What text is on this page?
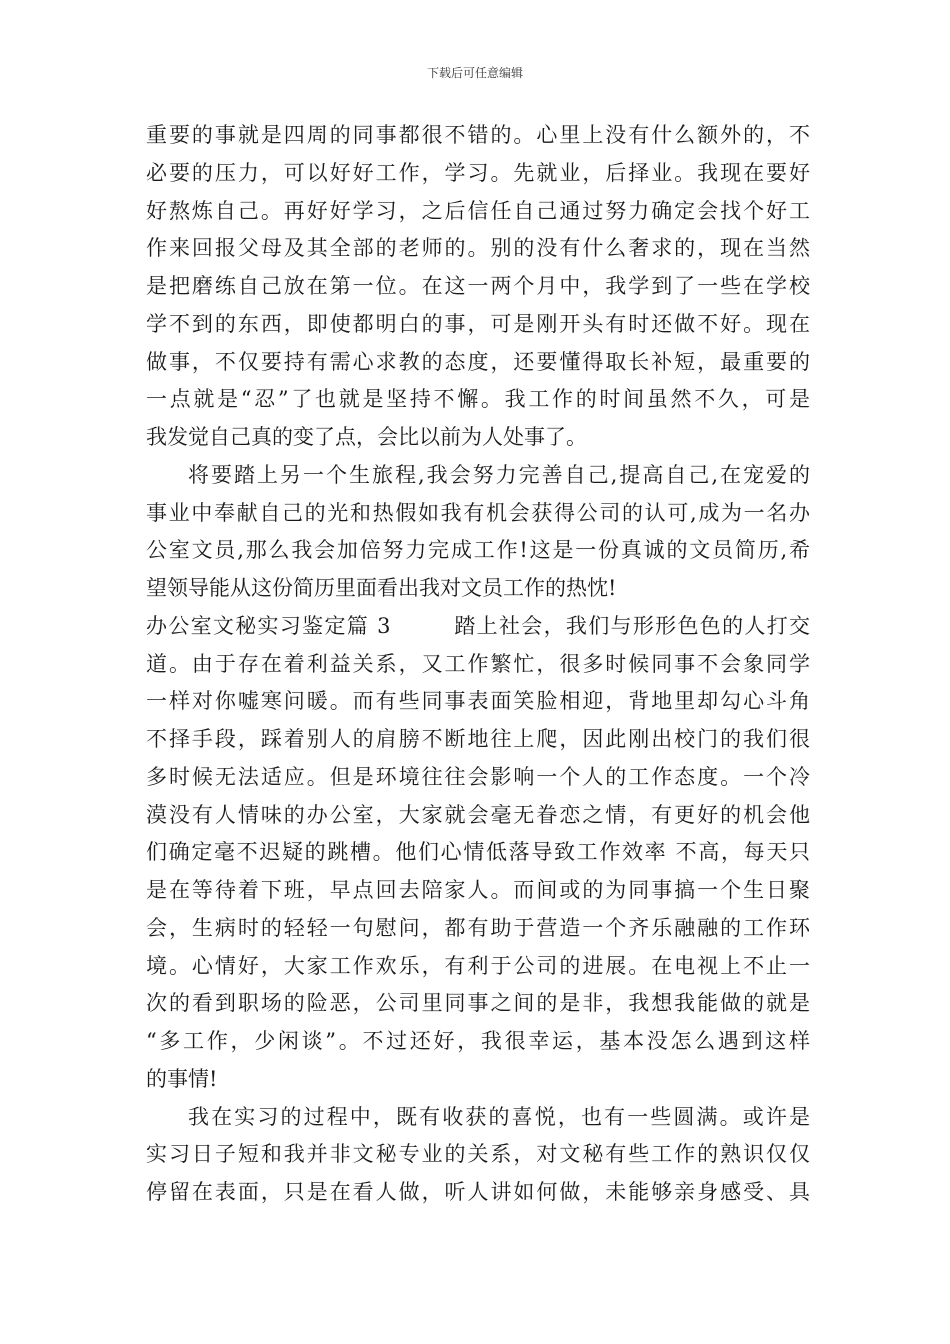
下载后可任意编辑
重要的事就是四周的同事都很不错的。心里上没有什么额外的，不
必要的压力，可以好好工作，学习。先就业，后择业。我现在要好
好熬炼自己。再好好学习，之后信任自己通过努力确定会找个好工
作来回报父母及其全部的老师的。别的没有什么奢求的，现在当然
是把磨练自己放在第一位。在这一两个月中，我学到了一些在学校
学不到的东西，即使都明白的事，可是刚开头有时还做不好。现在
做事，不仅要持有需心求教的态度，还要懂得取长补短，最重要的
一点就是“忍”了也就是坚持不懈。我工作的时间虽然不久，可是
我发觉自己真的变了点，会比以前为人处事了。
将要踏上另一个生旅程,我会努力完善自己,提高自己,在宠爱的
事业中奉献自己的光和热假如我有机会获得公司的认可,成为一名办
公室文员,那么我会加倍努力完成工作!这是一份真诚的文员简历,希
望领导能从这份简历里面看出我对文员工作的热忱!
办公室文秘实习鉴定篇 3        踏上社会，我们与形形色色的人打交
道。由于存在着利益关系，又工作繁忙，很多时候同事不会象同学
一样对你嘘寒问暖。而有些同事表面笑脸相迎，背地里却勾心斗角
不择手段，踩着别人的肩膀不断地往上爬，因此刚出校门的我们很
多时候无法适应。但是环境往往会影响一个人的工作态度。一个冷
漠没有人情味的办公室，大家就会毫无眷恋之情，有更好的机会他
们确定毫不迟疑的跳槽。他们心情低落导致工作效率 不高，每天只
是在等待着下班，早点回去陪家人。而间或的为同事搞一个生日聚
会，生病时的轻轻一句慰问，都有助于营造一个齐乐融融的工作环
境。心情好，大家工作欢乐，有利于公司的进展。在电视上不止一
次的看到职场的险恶，公司里同事之间的是非，我想我能做的就是
“多工作，少闲谈”。不过还好，我很幸运，基本没怎么遇到这样
的事情!
我在实习的过程中，既有收获的喜悦，也有一些圆满。或许是
实习日子短和我并非文秘专业的关系，对文秘有些工作的熟识仅仅
停留在表面，只是在看人做，听人讲如何做，未能够亲身感受、具
